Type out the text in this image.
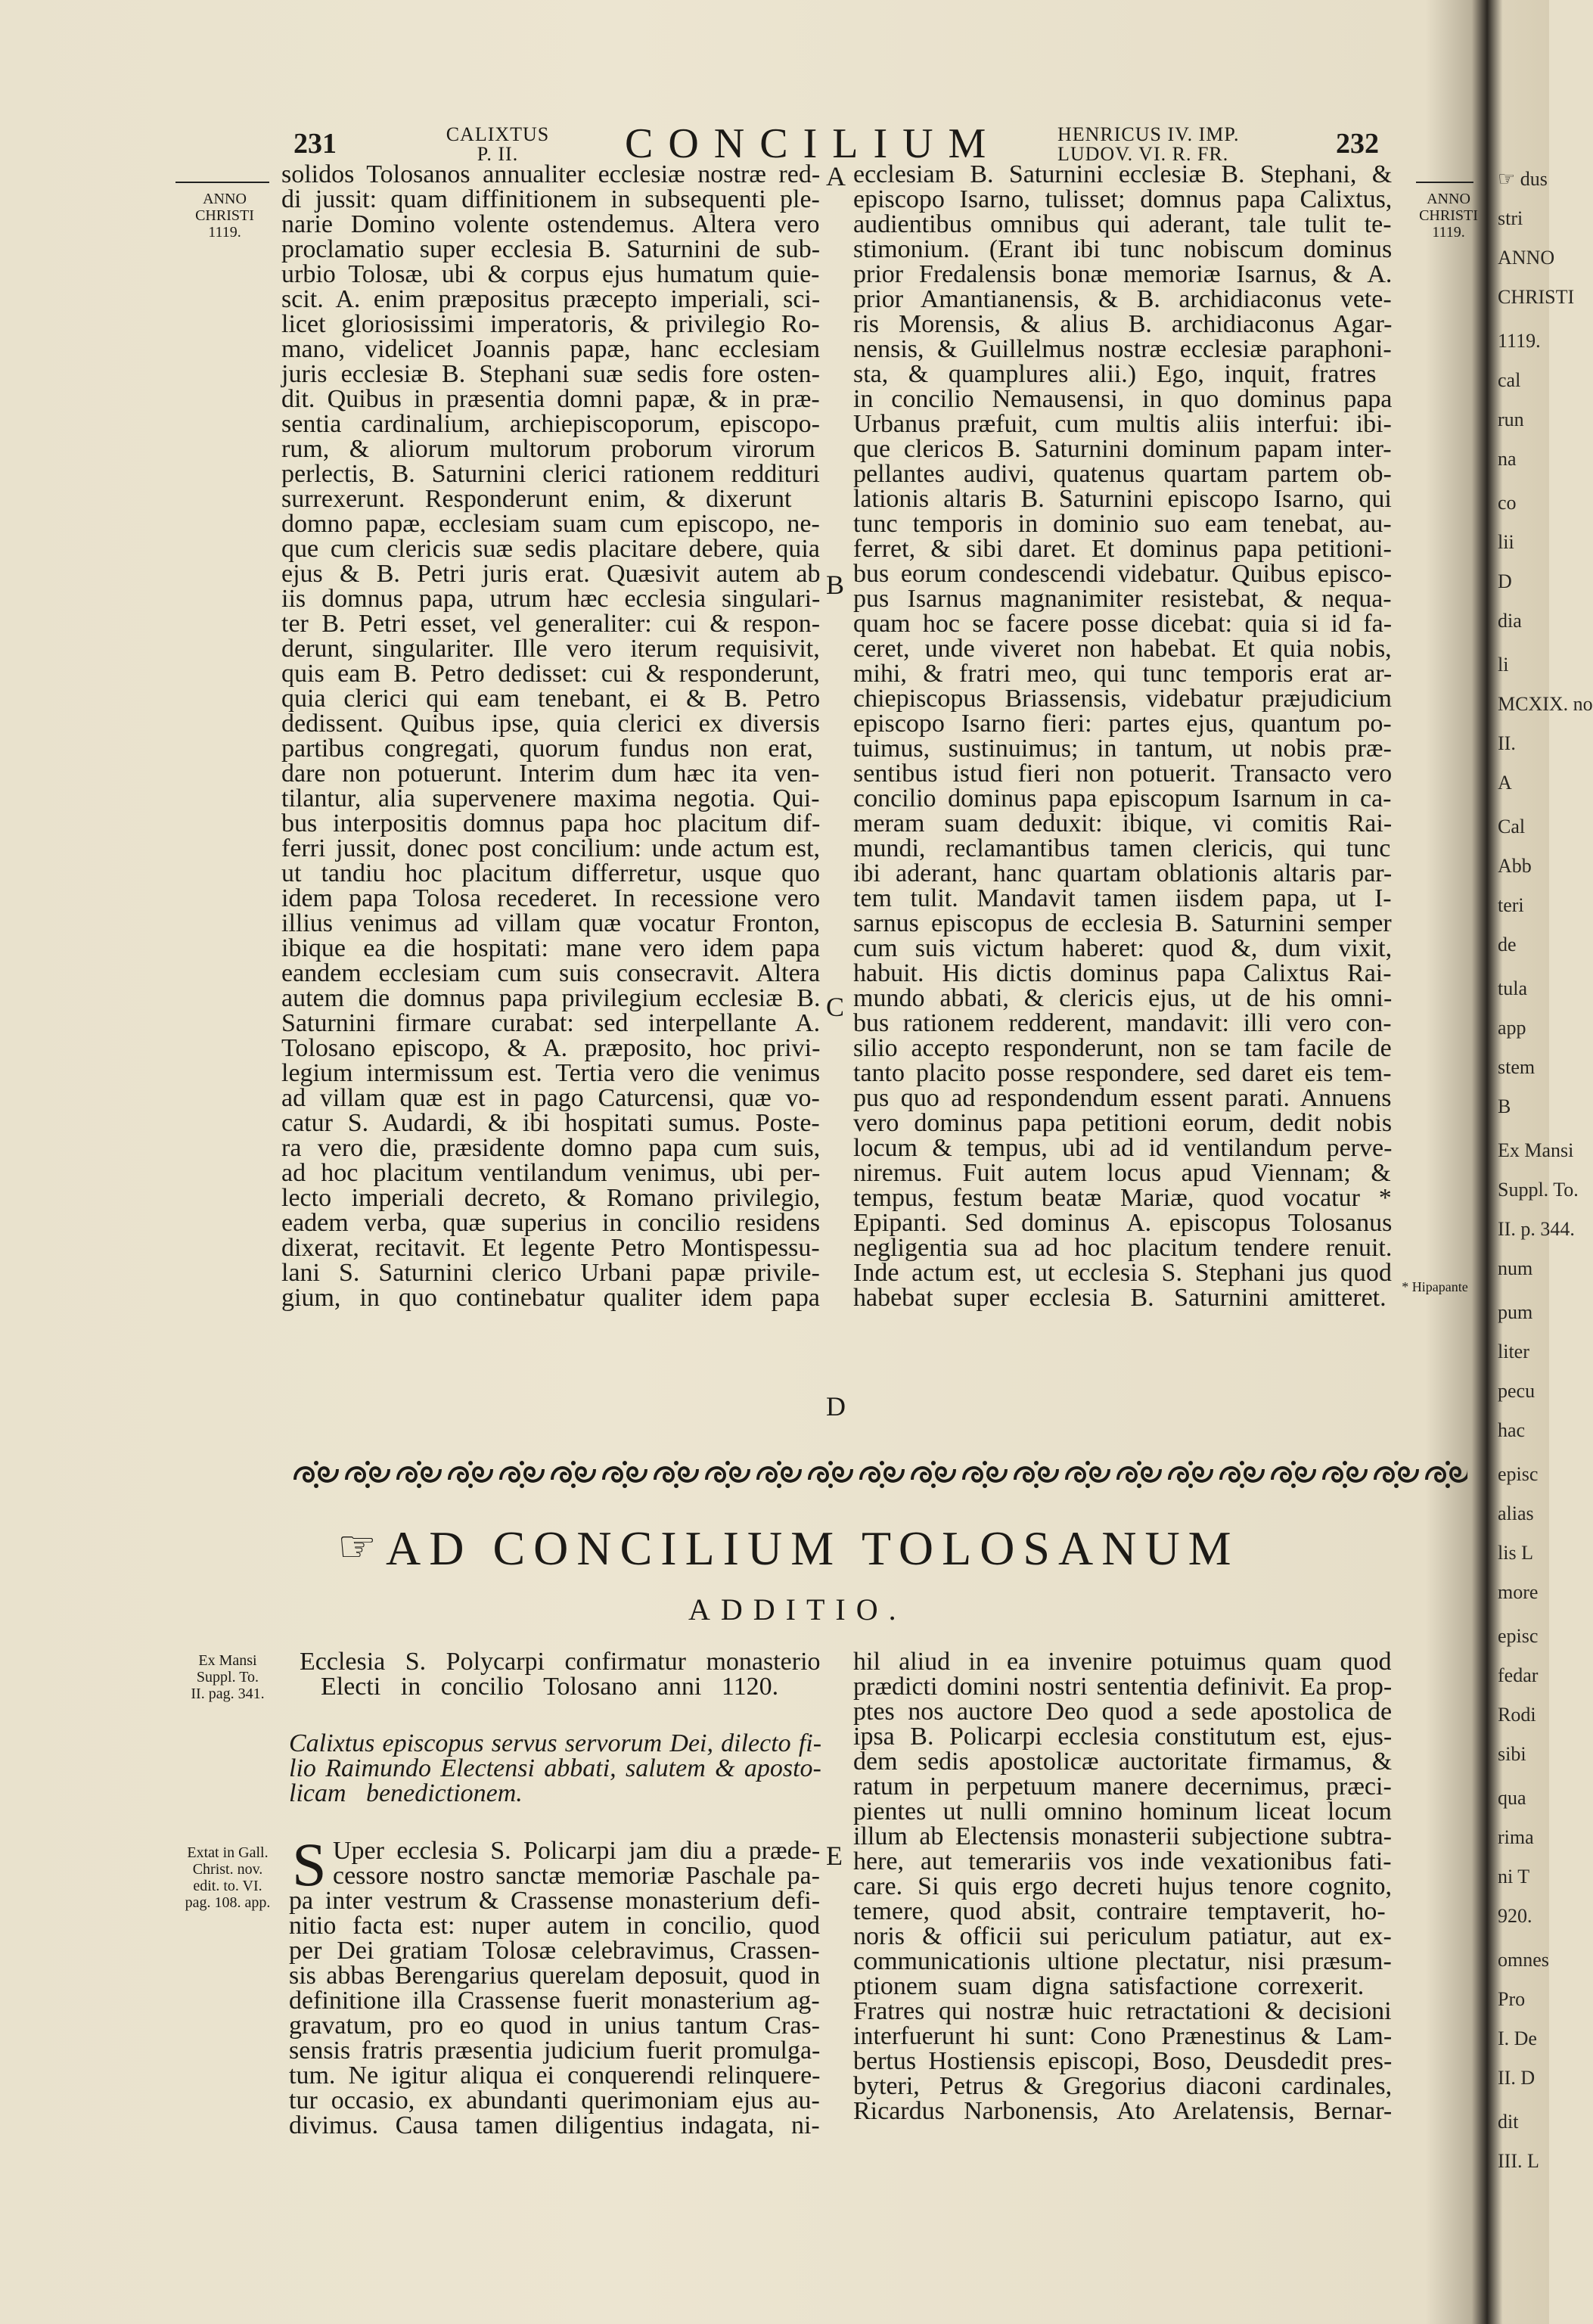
231	CALIXTUS
P. II.	CONCILIUM	HENRICUS IV. IMP.
LUDOV. VI. R. FR.	232
ANNO
CHRISTI
1119.
ANNO
CHRISTI
1119.
A
B
C
D
E
* Hipapante
solidos Tolosanos annualiter ecclesiæ nostræ red-
di jussit: quam diffinitionem in subsequenti ple-
narie Domino volente ostendemus. Altera vero
proclamatio super ecclesia B. Saturnini de sub-
urbio Tolosæ, ubi & corpus ejus humatum quie-
scit. A. enim præpositus præcepto imperiali, sci-
licet gloriosissimi imperatoris, & privilegio Ro-
mano, videlicet Joannis papæ, hanc ecclesiam
juris ecclesiæ B. Stephani suæ sedis fore osten-
dit. Quibus in præsentia domni papæ, & in præ-
sentia cardinalium, archiepiscoporum, episcopo-
rum, & aliorum multorum proborum virorum
perlectis, B. Saturnini clerici rationem reddituri
surrexerunt. Responderunt enim, & dixerunt
domno papæ, ecclesiam suam cum episcopo, ne-
que cum clericis suæ sedis placitare debere, quia
ejus & B. Petri juris erat. Quæsivit autem ab
iis domnus papa, utrum hæc ecclesia singulari-
ter B. Petri esset, vel generaliter: cui & respon-
derunt, singulariter. Ille vero iterum requisivit,
quis eam B. Petro dedisset: cui & responderunt,
quia clerici qui eam tenebant, ei & B. Petro
dedissent. Quibus ipse, quia clerici ex diversis
partibus congregati, quorum fundus non erat,
dare non potuerunt. Interim dum hæc ita ven-
tilantur, alia supervenere maxima negotia. Qui-
bus interpositis domnus papa hoc placitum dif-
ferri jussit, donec post concilium: unde actum est,
ut tandiu hoc placitum differretur, usque quo
idem papa Tolosa recederet. In recessione vero
illius venimus ad villam quæ vocatur Fronton,
ibique ea die hospitati: mane vero idem papa
eandem ecclesiam cum suis consecravit. Altera
autem die domnus papa privilegium ecclesiæ B.
Saturnini firmare curabat: sed interpellante A.
Tolosano episcopo, & A. præposito, hoc privi-
legium intermissum est. Tertia vero die venimus
ad villam quæ est in pago Caturcensi, quæ vo-
catur S. Audardi, & ibi hospitati sumus. Poste-
ra vero die, præsidente domno papa cum suis,
ad hoc placitum ventilandum venimus, ubi per-
lecto imperiali decreto, & Romano privilegio,
eadem verba, quæ superius in concilio residens
dixerat, recitavit. Et legente Petro Montispessu-
lani S. Saturnini clerico Urbani papæ privile-
gium, in quo continebatur qualiter idem papa
ecclesiam B. Saturnini ecclesiæ B. Stephani, &
episcopo Isarno, tulisset; domnus papa Calixtus,
audientibus omnibus qui aderant, tale tulit te-
stimonium. (Erant ibi tunc nobiscum dominus
prior Fredalensis bonæ memoriæ Isarnus, & A.
prior Amantianensis, & B. archidiaconus vete-
ris Morensis, & alius B. archidiaconus Agar-
nensis, & Guillelmus nostræ ecclesiæ paraphoni-
sta, & quamplures alii.) Ego, inquit, fratres
in concilio Nemausensi, in quo dominus papa
Urbanus præfuit, cum multis aliis interfui: ibi-
que clericos B. Saturnini dominum papam inter-
pellantes audivi, quatenus quartam partem ob-
lationis altaris B. Saturnini episcopo Isarno, qui
tunc temporis in dominio suo eam tenebat, au-
ferret, & sibi daret. Et dominus papa petitioni-
bus eorum condescendi videbatur. Quibus episco-
pus Isarnus magnanimiter resistebat, & nequa-
quam hoc se facere posse dicebat: quia si id fa-
ceret, unde viveret non habebat. Et quia nobis,
mihi, & fratri meo, qui tunc temporis erat ar-
chiepiscopus Briassensis, videbatur præjudicium
episcopo Isarno fieri: partes ejus, quantum po-
tuimus, sustinuimus; in tantum, ut nobis præ-
sentibus istud fieri non potuerit. Transacto vero
concilio dominus papa episcopum Isarnum in ca-
meram suam deduxit: ibique, vi comitis Rai-
mundi, reclamantibus tamen clericis, qui tunc
ibi aderant, hanc quartam oblationis altaris par-
tem tulit. Mandavit tamen iisdem papa, ut I-
sarnus episcopus de ecclesia B. Saturnini semper
cum suis victum haberet: quod &, dum vixit,
habuit. His dictis dominus papa Calixtus Rai-
mundo abbati, & clericis ejus, ut de his omni-
bus rationem redderent, mandavit: illi vero con-
silio accepto responderunt, non se tam facile de
tanto placito posse respondere, sed daret eis tem-
pus quo ad respondendum essent parati. Annuens
vero dominus papa petitioni eorum, dedit nobis
locum & tempus, ubi ad id ventilandum perve-
niremus. Fuit autem locus apud Viennam; &
tempus, festum beatæ Mariæ, quod vocatur *
Epipanti. Sed dominus A. episcopus Tolosanus
negligentia sua ad hoc placitum tendere renuit.
Inde actum est, ut ecclesia S. Stephani jus quod
habebat super ecclesia B. Saturnini amitteret.
☞ AD CONCILIUM TOLOSANUM
ADDITIO.
Ex Mansi
Suppl. To.
II. pag. 341.
Extat in Gall.
Christ. nov.
edit. to. VI.
pag. 108. app.
Ecclesia S. Polycarpi confirmatur monasterio
Electi in concilio Tolosano anni 1120.
Calixtus episcopus servus servorum Dei, dilecto fi-
lio Raimundo Electensi abbati, salutem & aposto-
licam benedictionem.
S Uper ecclesia S. Policarpi jam diu a præde-
cessore nostro sanctæ memoriæ Paschale pa-
pa inter vestrum & Crassense monasterium defi-
nitio facta est: nuper autem in concilio, quod
per Dei gratiam Tolosæ celebravimus, Crassen-
sis abbas Berengarius querelam deposuit, quod in
definitione illa Crassense fuerit monasterium ag-
gravatum, pro eo quod in unius tantum Cras-
sensis fratris præsentia judicium fuerit promulga-
tum. Ne igitur aliqua ei conquerendi relinquere-
tur occasio, ex abundanti querimoniam ejus au-
divimus. Causa tamen diligentius indagata, ni-
hil aliud in ea invenire potuimus quam quod
prædicti domini nostri sententia definivit. Ea prop-
ptes nos auctore Deo quod a sede apostolica de
ipsa B. Policarpi ecclesia constitutum est, ejus-
dem sedis apostolicæ auctoritate firmamus, &
ratum in perpetuum manere decernimus, præci-
pientes ut nulli omnino hominum liceat locum
illum ab Electensis monasterii subjectione subtra-
here, aut temerariis vos inde vexationibus fati-
care. Si quis ergo decreti hujus tenore cognito,
temere, quod absit, contraire temptaverit, ho-
noris & officii sui periculum patiatur, aut ex-
communicationis ultione plectatur, nisi præsum-
ptionem suam digna satisfactione correxerit.
Fratres qui nostræ huic retractationi & decisioni
interfuerunt hi sunt: Cono Prænestinus & Lam-
bertus Hostiensis episcopi, Boso, Deusdedit pres-
byteri, Petrus & Gregorius diaconi cardinales,
Ricardus Narbonensis, Ato Arelatensis, Bernar-
☞ dus
stri
ANNO
CHRISTI
1119.
cal
run
na
co
lii
D
dia
li
MCXIX. no
II.
A
Cal
Abb
teri
de
tula
app
stem
B
Ex Mansi
Suppl. To.
II. p. 344.
num
pum
liter
pecu
hac
episc
alias
lis L
more
episc
fedar
Rodi
sibi
qua
rima
ni T
920.
omnes
Pro
I. De
II. D
dit
III. L
